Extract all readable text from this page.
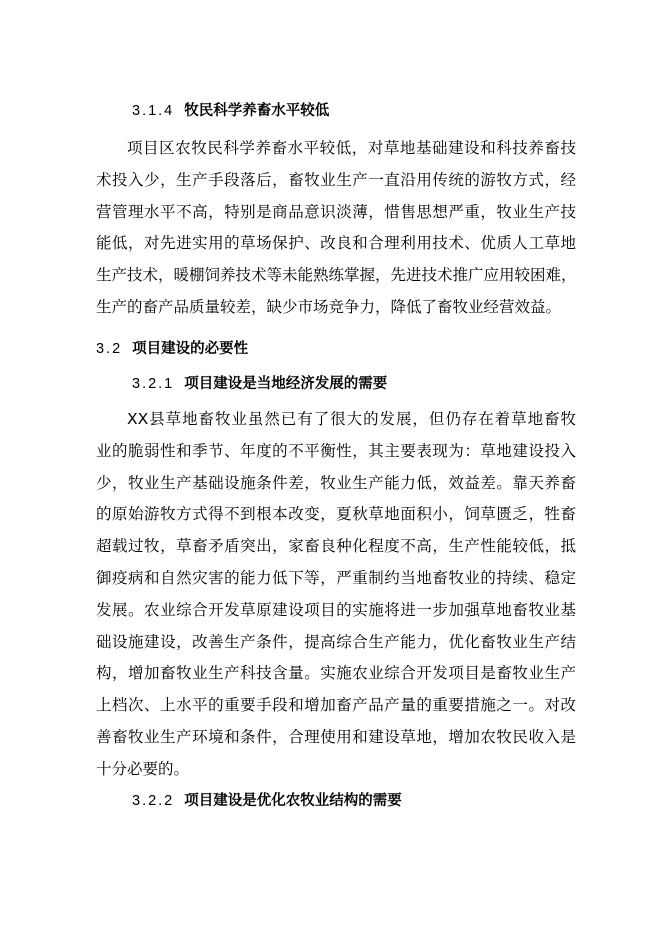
3.1.4 牧民科学养畜水平较低
项目区农牧民科学养畜水平较低，对草地基础建设和科技养畜技
术投入少，生产手段落后，畜牧业生产一直沿用传统的游牧方式，经
营管理水平不高，特别是商品意识淡薄，惜售思想严重，牧业生产技
能低，对先进实用的草场保护、改良和合理利用技术、优质人工草地
生产技术，暖棚饲养技术等未能熟练掌握，先进技术推广应用较困难，
生产的畜产品质量较差，缺少市场竞争力，降低了畜牧业经营效益。
3.2 项目建设的必要性
3.2.1 项目建设是当地经济发展的需要
XX县草地畜牧业虽然已有了很大的发展，但仍存在着草地畜牧
业的脆弱性和季节、年度的不平衡性，其主要表现为：草地建设投入
少，牧业生产基础设施条件差，牧业生产能力低，效益差。靠天养畜
的原始游牧方式得不到根本改变，夏秋草地面积小，饲草匮乏，牲畜
超载过牧，草畜矛盾突出，家畜良种化程度不高，生产性能较低，抵
御疫病和自然灾害的能力低下等，严重制约当地畜牧业的持续、稳定
发展。农业综合开发草原建设项目的实施将进一步加强草地畜牧业基
础设施建设，改善生产条件，提高综合生产能力，优化畜牧业生产结
构，增加畜牧业生产科技含量。实施农业综合开发项目是畜牧业生产
上档次、上水平的重要手段和增加畜产品产量的重要措施之一。对改
善畜牧业生产环境和条件，合理使用和建设草地，增加农牧民收入是
十分必要的。
3.2.2 项目建设是优化农牧业结构的需要
